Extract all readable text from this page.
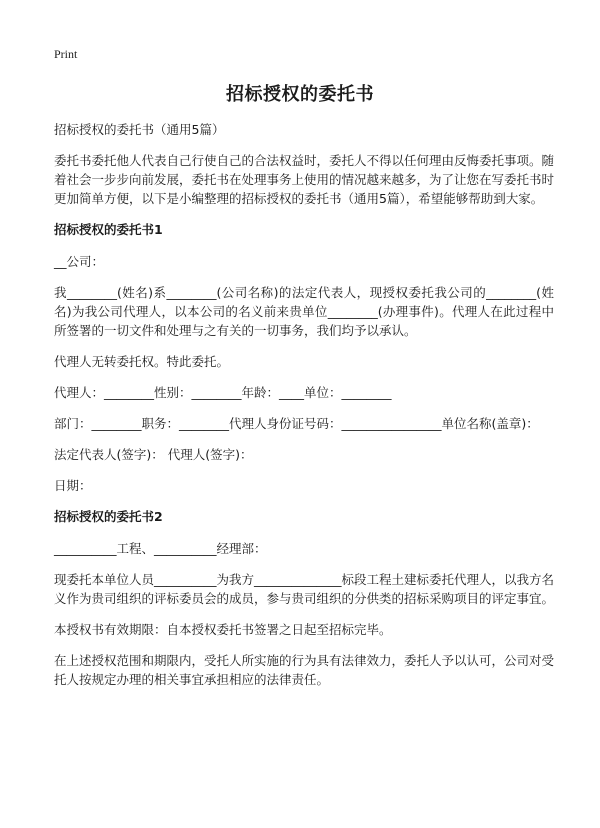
Print
招标授权的委托书

招标授权的委托书（通用5篇）

委托书委托他人代表自己行使自己的合法权益时，委托人不得以任何理由反悔委托事项。随着社会一步步向前发展，委托书在处理事务上使用的情况越来越多，为了让您在写委托书时更加简单方便，以下是小编整理的招标授权的委托书（通用5篇），希望能够帮助到大家。

招标授权的委托书1

__公司：

我________(姓名)系________(公司名称)的法定代表人，现授权委托我公司的________(姓名)为我公司代理人，以本公司的名义前来贵单位________(办理事件)。代理人在此过程中所签署的一切文件和处理与之有关的一切事务，我们均予以承认。

代理人无转委托权。特此委托。

代理人：________性别：________年龄：____单位：________

部门：________职务：________代理人身份证号码：________________单位名称(盖章)：

法定代表人(签字)： 代理人(签字)：

日期：

招标授权的委托书2

__________工程、__________经理部：

现委托本单位人员__________为我方______________标段工程土建标委托代理人，以我方名义作为贵司组织的评标委员会的成员，参与贵司组织的分供类的招标采购项目的评定事宜。

本授权书有效期限：自本授权委托书签署之日起至招标完毕。

在上述授权范围和期限内，受托人所实施的行为具有法律效力，委托人予以认可，公司对受托人按规定办理的相关事宜承担相应的法律责任。
